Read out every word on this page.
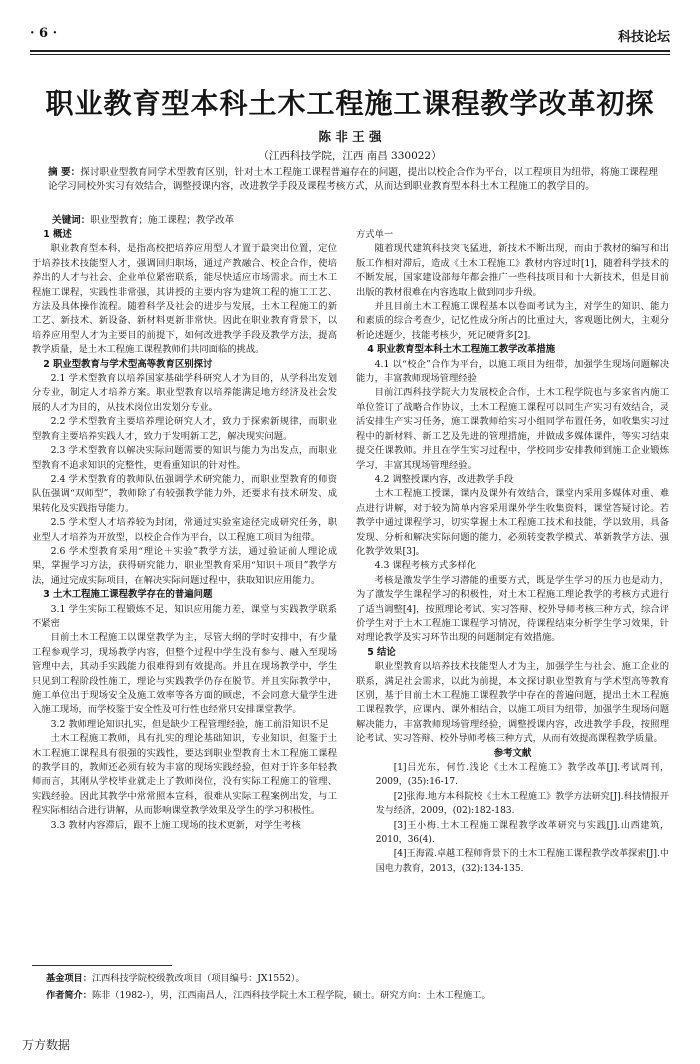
· 6 ·	科技论坛
职业教育型本科土木工程施工课程教学改革初探
陈 非 王 强
（江西科技学院，江西 南昌 330022）
摘 要：探讨职业型教育同学术型教育区别，针对土木工程施工课程普遍存在的问题，提出以校企合作为平台，以工程项目为纽带，将施工课程理论学习同校外实习有效结合，调整授课内容，改进教学手段及课程考核方式，从而达到职业教育型本科土木工程施工的教学目的。
关键词：职业型教育；施工课程；教学改革
1 概述

职业教育型本科，是指高校把培养应用型人才置于最突出位置，定位于培养技术技能型人才，强调回归职场，通过产教融合、校企合作，使培养出的人才与社会、企业单位紧密联系，能尽快适应市场需求。而土木工程施工课程，实践性非常强，其讲授的主要内容为建筑工程的施工工艺、方法及具体操作流程。随着科学及社会的进步与发展，土木工程施工的新工艺、新技术、新设备、新材料更新非常快。因此在职业教育背景下，以培养应用型人才为主要目的前提下，如何改进教学手段及教学方法，提高教学质量，是土木工程施工课程教师们共同面临的挑战。

2 职业型教育与学术型高等教育区别探讨

2.1 学术型教育以培养国家基础学科研究人才为目的，从学科出发划分专业，制定人才培养方案。职业型教育以培养能满足地方经济及社会发展的人才为目的，从技术岗位出发划分专业。

2.2 学术型教育主要培养理论研究人才，致力于探索新规律，而职业型教育主要培养实践人才，致力于发明新工艺，解决现实问题。

2.3 学术型教育以解决实际问题需要的知识与能力为出发点，而职业型教育不追求知识的完整性，更看重知识的针对性。

2.4 学术型教育的教师队伍强调学术研究能力，而职业型教育的师资队伍强调“双师型”，教师除了有较强教学能力外，还要求有技术研发、成果转化及实践指导能力。

2.5 学术型人才培养较为封闭，常通过实验室途径完成研究任务，职业型人才培养为开放型，以校企合作为平台，以工程施工项目为纽带。

2.6 学术型教育采用“理论＋实验”教学方法，通过验证前人理论成果，掌握学习方法，获得研究能力，职业型教育采用“知识＋项目”教学方法，通过完成实际项目，在解决实际问题过程中，获取知识应用能力。

3 土木工程施工课程教学存在的普遍问题

3.1 学生实际工程锻炼不足，知识应用能力差，课堂与实践教学联系不紧密

目前土木工程施工以课堂教学为主，尽管大纲的学时安排中，有少量工程参观学习，现场教学内容，但整个过程中学生没有参与、融入至现场管理中去，其动手实践能力很难得到有效提高。并且在现场教学中，学生只见到工程阶段性施工，理论与实践教学仍存在脱节。并且实际教学中，施工单位出于现场安全及施工效率等各方面的顾虑，不会同意大量学生进入施工现场，而学校鉴于安全性及可行性也经常只安排课堂教学。

3.2 教师理论知识扎实，但是缺少工程管理经验，施工前沿知识不足

土木工程施工教师，具有扎实的理论基础知识，专业知识，但鉴于土木工程施工课程具有很强的实践性，要达到职业型教育土木工程施工课程的教学目的，教师还必须有较为丰富的现场实践经验，但对于许多年轻教师而言，其刚从学校毕业就走上了教师岗位，没有实际工程施工的管理、实践经验。因此其教学中常常照本宣科，很难从实际工程案例出发，与工程实际相结合进行讲解，从而影响课堂教学效果及学生的学习积极性。

3.3 教材内容滞后，跟不上施工现场的技术更新，对学生考核

方式单一

随着现代建筑科技突飞猛进，新技术不断出现，而由于教材的编写和出版工作相对滞后，造成《土木工程施工》教材内容过时[1]，随着科学技术的不断发展，国家建设部每年都会推广一些科技项目和十大新技术，但是目前出版的教材很难在内容选取上做到同步升级。

并且目前土木工程施工课程基本以卷面考试为主，对学生的知识、能力和素质的综合考查少，记忆性成分所占的比重过大，客观题比例大，主观分析论述题少，技能考核少，死记硬背多[2]。

4 职业教育型本科土木工程施工教学改革措施

4.1 以“校企”合作为平台，以施工项目为纽带，加强学生现场问题解决能力，丰富教师现场管理经验

目前江西科技学院大力发展校企合作，土木工程学院也与多家省内施工单位签订了战略合作协议，土木工程施工课程可以同生产实习有效结合，灵活安排生产实习任务，施工课教师给实习小组同学布置任务，如收集实习过程中的新材料、新工艺及先进的管理措施，并做成多媒体课件，等实习结束提交任课教师。并且在学生实习过程中，学校同步安排教师到施工企业锻炼学习，丰富其现场管理经验。

4.2 调整授课内容，改进教学手段

土木工程施工授课，课内及课外有效结合，课堂内采用多媒体对重、难点进行讲解，对于较为简单内容采用课外学生收集资料，课堂答疑讨论。若教学中通过课程学习，切实掌握土木工程施工技术和技能，学以致用，具备发现、分析和解决实际问题的能力，必须转变教学模式、革新教学方法、强化教学效果[3]。

4.3 课程考核方式多样化

考核是激发学生学习潜能的重要方式，既是学生学习的压力也是动力，为了激发学生课程学习的积极性，对土木工程施工理论教学的考核方式进行了适当调整[4]，按照理论考试、实习答辩、校外导师考核三种方式，综合评价学生对于土木工程施工课程学习情况，待课程结束分析学生学习效果，针对理论教学及实习环节出现的问题制定有效措施。

5 结论

职业型教育以培养技术技能型人才为主，加强学生与社会、施工企业的联系，满足社会需求，以此为前提，本文探讨职业型教育与学术型高等教育区别，基于目前土木工程施工课程教学中存在的普遍问题，提出土木工程施工课程教学，应课内、课外相结合，以施工项目为纽带，加强学生现场问题解决能力，丰富教师现场管理经验，调整授课内容，改进教学手段，按照理论考试、实习答辩、校外导师考核三种方式，从而有效提高课程教学质量。

参考文献

[1]吕光东，何竹.浅论《土木工程施工》教学改革[J].考试周刊，2009，(35):16-17.

[2]张海.地方本科院校《土木工程施工》教学方法研究[J].科技情报开发与经济，2009，(02):182-183.

[3]王小梅.土木工程施工课程教学改革研究与实践[J].山西建筑，2010，36(4).

[4]王海霞.卓越工程师背景下的土木工程施工课程教学改革探索[J].中国电力教育，2013，(32):134-135.

基金项目：江西科技学院校级教改项目（项目编号：JX1552）。
作者简介：陈非（1982-），男，江西南昌人，江西科技学院土木工程学院，硕士。研究方向：土木工程施工。
万方数据
